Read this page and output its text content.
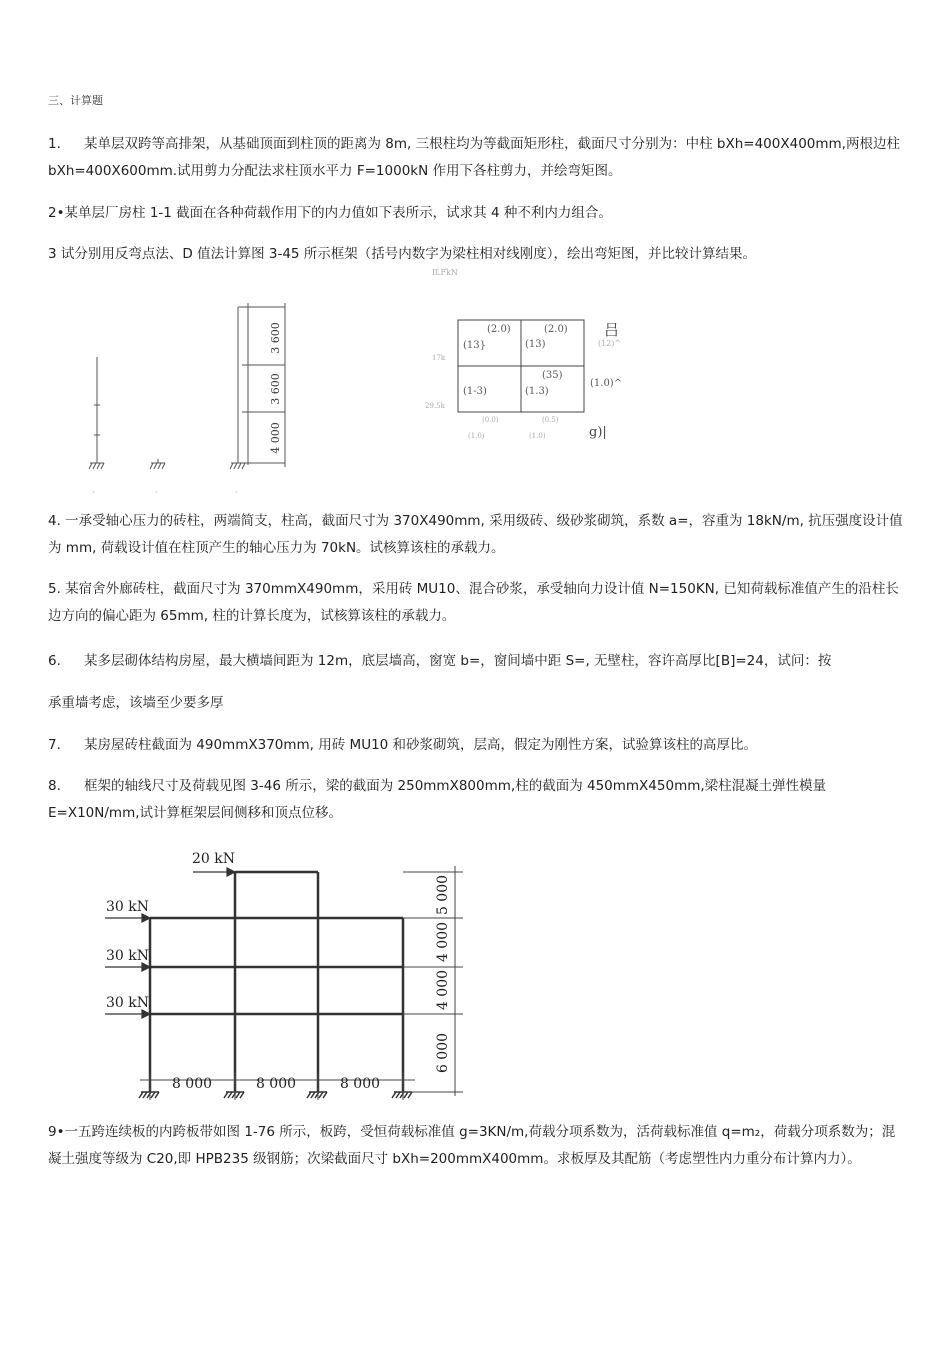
三、计算题
1. 某单层双跨等高排架，从基础顶面到柱顶的距离为 8m, 三根柱均为等截面矩形柱，截面尺寸分别为：中柱 bⅩh=400Ⅹ400mm,两根边柱 bⅩh=400Ⅹ600mm.试用剪力分配法求柱顶水平力 F=1000kN 作用下各柱剪力，并绘弯矩图。
2•某单层厂房柱 1-1 截面在各种荷载作用下的内力值如下表所示，试求其 4 种不利内力组合。
3 试分别用反弯点法、D 值法计算图 3-45 所示框架（括号内数字为梁柱相对线刚度），绘出弯矩图，并比较计算结果。
3 600
3 600
4 000
·	·	·
ILFkN
(2.0)
(13}
(2.0)
(13)
(35)
(1-3)	(1.3)
吕
(12)^
(1.0)^
g)|
17k
29.5k
(0.0)	(0.5)
(1.0)	(1.0)
4. 一承受轴心压力的砖柱，两端简支，柱高，截面尺寸为 370Ⅹ490mm, 采用级砖、级砂浆砌筑，系数 a=，容重为 18kN/m, 抗压强度设计值为 mm, 荷载设计值在柱顶产生的轴心压力为 70kN。试核算该柱的承载力。
5. 某宿舍外廊砖柱，截面尺寸为 370mmⅩ490mm，采用砖 MU10、混合砂浆，承受轴向力设计值 N=150KN, 已知荷载标准值产生的沿柱长边方向的偏心距为 65mm, 柱的计算长度为，试核算该柱的承载力。
6. 某多层砌体结构房屋，最大横墙间距为 12m，底层墙高，窗宽 b=，窗间墙中距 S=, 无壁柱，容许高厚比[B]=24，试问：按
承重墙考虑，该墙至少要多厚
7. 某房屋砖柱截面为 490mmⅩ370mm, 用砖 MU10 和砂浆砌筑，层高，假定为刚性方案，试验算该柱的高厚比。
8. 框架的轴线尺寸及荷载见图 3-46 所示，梁的截面为 250mmⅩ800mm,柱的截面为 450mmⅩ450mm,梁柱混凝土弹性模量 E=Ⅹ10N/mm,试计算框架层间侧移和顶点位移。
20 kN
30 kN
30 kN
30 kN
5 000
4 000
4 000
6 000
8 000	8 000	8 000
9•一五跨连续板的内跨板带如图 1-76 所示，板跨，受恒荷载标准值 g=3KN/m,荷载分项系数为，活荷载标准值 q=m₂，荷载分项系数为；混凝土强度等级为 C20,即 HPB235 级钢筋；次梁截面尺寸 bⅩh=200mmⅩ400mm。求板厚及其配筋（考虑塑性内力重分布计算内力）。
